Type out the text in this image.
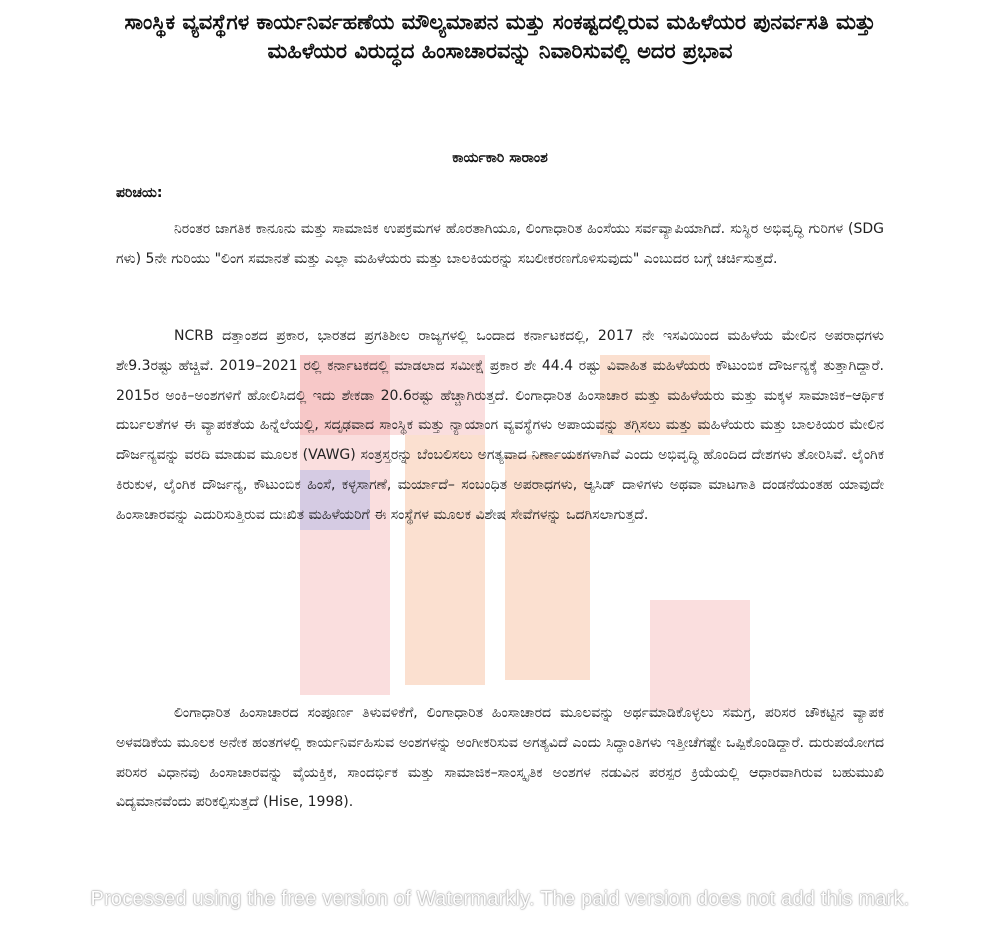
ಸಾಂಸ್ಥಿಕ ವ್ಯವಸ್ಥೆಗಳ ಕಾರ್ಯನಿರ್ವಹಣೆಯ ಮೌಲ್ಯಮಾಪನ ಮತ್ತು ಸಂಕಷ್ಟದಲ್ಲಿರುವ ಮಹಿಳೆಯರ ಪುನರ್ವಸತಿ ಮತ್ತು ಮಹಿಳೆಯರ ವಿರುದ್ಧದ ಹಿಂಸಾಚಾರವನ್ನು ನಿವಾರಿಸುವಲ್ಲಿ ಅದರ ಪ್ರಭಾವ
ಕಾರ್ಯಕಾರಿ ಸಾರಾಂಶ
ಪರಿಚಯ:

ನಿರಂತರ ಜಾಗತಿಕ ಕಾನೂನು ಮತ್ತು ಸಾಮಾಜಿಕ ಉಪಕ್ರಮಗಳ ಹೊರತಾಗಿಯೂ, ಲಿಂಗಾಧಾರಿತ ಹಿಂಸೆಯು ಸರ್ವವ್ಯಾಪಿಯಾಗಿದೆ. ಸುಸ್ಥಿರ ಅಭಿವೃದ್ಧಿ ಗುರಿಗಳ (SDG ಗಳು) 5ನೇ ಗುರಿಯು "ಲಿಂಗ ಸಮಾನತೆ ಮತ್ತು ಎಲ್ಲಾ ಮಹಿಳೆಯರು ಮತ್ತು ಬಾಲಕಿಯರನ್ನು ಸಬಲೀಕರಣಗೊಳಿಸುವುದು" ಎಂಬುದರ ಬಗ್ಗೆ ಚರ್ಚಿಸುತ್ತದೆ.

NCRB ದತ್ತಾಂಶದ ಪ್ರಕಾರ, ಭಾರತದ ಪ್ರಗತಿಶೀಲ ರಾಜ್ಯಗಳಲ್ಲಿ ಒಂದಾದ ಕರ್ನಾಟಕದಲ್ಲಿ, 2017 ನೇ ಇಸವಿಯಿಂದ ಮಹಿಳೆಯ ಮೇಲಿನ ಅಪರಾಧಗಳು ಶೇ9.3ರಷ್ಟು ಹೆಚ್ಚಿವೆ. 2019–2021 ರಲ್ಲಿ ಕರ್ನಾಟಕದಲ್ಲಿ ಮಾಡಲಾದ ಸಮೀಕ್ಷೆ ಪ್ರಕಾರ ಶೇ 44.4 ರಷ್ಟು ವಿವಾಹಿತ ಮಹಿಳೆಯರು ಕೌಟುಂಬಿಕ ದೌರ್ಜನ್ಯಕ್ಕೆ ತುತ್ತಾಗಿದ್ದಾರೆ. 2015ರ ಅಂಕಿ–ಅಂಶಗಳಿಗೆ ಹೋಲಿಸಿದಲ್ಲಿ ಇದು ಶೇಕಡಾ 20.6ರಷ್ಟು ಹೆಚ್ಚಾಗಿರುತ್ತದೆ. ಲಿಂಗಾಧಾರಿತ ಹಿಂಸಾಚಾರ ಮತ್ತು ಮಹಿಳೆಯರು ಮತ್ತು ಮಕ್ಕಳ ಸಾಮಾಜಿಕ–ಆರ್ಥಿಕ ದುರ್ಬಲತೆಗಳ ಈ ವ್ಯಾಪಕತೆಯ ಹಿನ್ನೆಲೆಯಲ್ಲಿ, ಸದೃಢವಾದ ಸಾಂಸ್ಥಿಕ ಮತ್ತು ನ್ಯಾಯಾಂಗ ವ್ಯವಸ್ಥೆಗಳು ಅಪಾಯವನ್ನು ತಗ್ಗಿಸಲು ಮತ್ತು ಮಹಿಳೆಯರು ಮತ್ತು ಬಾಲಕಿಯರ ಮೇಲಿನ ದೌರ್ಜನ್ಯವನ್ನು ವರದಿ ಮಾಡುವ ಮೂಲಕ (VAWG) ಸಂತ್ರಸ್ತರನ್ನು ಬೆಂಬಲಿಸಲು ಅಗತ್ಯವಾದ ನಿರ್ಣಾಯಕಗಳಾಗಿವೆ ಎಂದು ಅಭಿವೃದ್ಧಿ ಹೊಂದಿದ ದೇಶಗಳು ತೋರಿಸಿವೆ. ಲೈಂಗಿಕ ಕಿರುಕುಳ, ಲೈಂಗಿಕ ದೌರ್ಜನ್ಯ, ಕೌಟುಂಬಿಕ ಹಿಂಸೆ, ಕಳ್ಳಸಾಗಣೆ, ಮರ್ಯಾದೆ– ಸಂಬಂಧಿತ ಅಪರಾಧಗಳು, ಆ್ಯಸಿಡ್ ದಾಳಿಗಳು ಅಥವಾ ಮಾಟಗಾತಿ ದಂಡನೆಯಂತಹ ಯಾವುದೇ ಹಿಂಸಾಚಾರವನ್ನು ಎದುರಿಸುತ್ತಿರುವ ದುಃಖಿತ ಮಹಿಳೆಯರಿಗೆ ಈ ಸಂಸ್ಥೆಗಳ ಮೂಲಕ ವಿಶೇಷ ಸೇವೆಗಳನ್ನು ಒದಗಿಸಲಾಗುತ್ತದೆ.

ಲಿಂಗಾಧಾರಿತ ಹಿಂಸಾಚಾರದ ಸಂಪೂರ್ಣ ತಿಳುವಳಿಕೆಗೆ, ಲಿಂಗಾಧಾರಿತ ಹಿಂಸಾಚಾರದ ಮೂಲವನ್ನು ಅರ್ಥಮಾಡಿಕೊಳ್ಳಲು ಸಮಗ್ರ, ಪರಿಸರ ಚೌಕಟ್ಟಿನ ವ್ಯಾಪಕ ಅಳವಡಿಕೆಯ ಮೂಲಕ ಅನೇಕ ಹಂತಗಳಲ್ಲಿ ಕಾರ್ಯನಿರ್ವಹಿಸುವ ಅಂಶಗಳನ್ನು ಅಂಗೀಕರಿಸುವ ಅಗತ್ಯವಿದೆ ಎಂದು ಸಿದ್ಧಾಂತಿಗಳು ಇತ್ತೀಚೆಗಷ್ಟೇ ಒಪ್ಪಿಕೊಂಡಿದ್ದಾರೆ. ದುರುಪಯೋಗದ ಪರಿಸರ ವಿಧಾನವು ಹಿಂಸಾಚಾರವನ್ನು ವೈಯಕ್ತಿಕ, ಸಾಂದರ್ಭಿಕ ಮತ್ತು ಸಾಮಾಜಿಕ–ಸಾಂಸ್ಕೃತಿಕ ಅಂಶಗಳ ನಡುವಿನ ಪರಸ್ಪರ ಕ್ರಿಯೆಯಲ್ಲಿ ಆಧಾರವಾಗಿರುವ ಬಹುಮುಖಿ ವಿದ್ಯಮಾನವೆಂದು ಪರಿಕಲ್ಪಿಸುತ್ತದೆ (Hise, 1998).

Processed using the free version of Watermarkly. The paid version does not add this mark.
